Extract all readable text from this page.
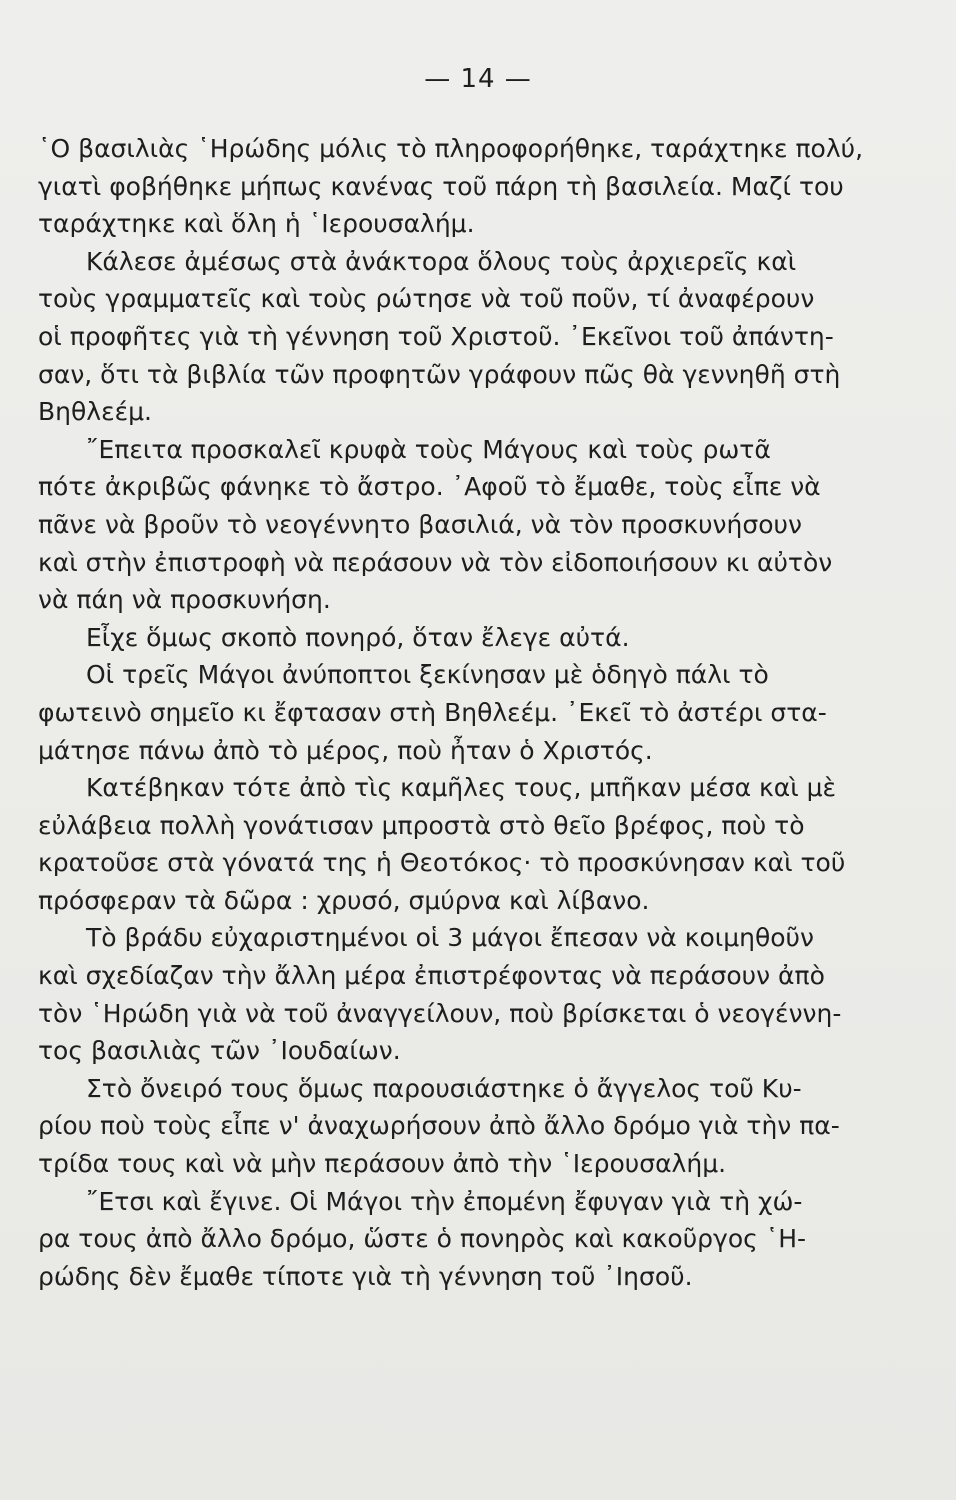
— 14 —
῾Ο βασιλιὰς ῾Ηρώδης μόλις τὸ πληροφορήθηκε, ταράχτηκε πολύ,
γιατὶ φοβήθηκε μήπως κανένας τοῦ πάρη τὴ βασιλεία. Μαζί του
ταράχτηκε καὶ ὅλη ἡ ῾Ιερουσαλήμ.
Κάλεσε ἀμέσως στὰ ἀνάκτορα ὅλους τοὺς ἀρχιερεῖς καὶ
τοὺς γραμματεῖς καὶ τοὺς ρώτησε νὰ τοῦ ποῦν, τί ἀναφέρουν
οἱ προφῆτες γιὰ τὴ γέννηση τοῦ Χριστοῦ. ᾿Εκεῖνοι τοῦ ἀπάντη-
σαν, ὅτι τὰ βιβλία τῶν προφητῶν γράφουν πῶς θὰ γεννηθῆ στὴ
Βηθλεέμ.
῎Επειτα προσκαλεῖ κρυφὰ τοὺς Μάγους καὶ τοὺς ρωτᾶ
πότε ἀκριβῶς φάνηκε τὸ ἄστρο. ᾿Αφοῦ τὸ ἔμαθε, τοὺς εἶπε νὰ
πᾶνε νὰ βροῦν τὸ νεογέννητο βασιλιά, νὰ τὸν προσκυνήσουν
καὶ στὴν ἐπιστροφὴ νὰ περάσουν νὰ τὸν εἰδοποιήσουν κι αὐτὸν
νὰ πάη νὰ προσκυνήση.
Εἶχε ὅμως σκοπὸ πονηρό, ὅταν ἔλεγε αὐτά.
Οἱ τρεῖς Μάγοι ἀνύποπτοι ξεκίνησαν μὲ ὁδηγὸ πάλι τὸ
φωτεινὸ σημεῖο κι ἔφτασαν στὴ Βηθλεέμ. ᾿Εκεῖ τὸ ἀστέρι στα-
μάτησε πάνω ἀπὸ τὸ μέρος, ποὺ ἦταν ὁ Χριστός.
Κατέβηκαν τότε ἀπὸ τὶς καμῆλες τους, μπῆκαν μέσα καὶ μὲ
εὐλάβεια πολλὴ γονάτισαν μπροστὰ στὸ θεῖο βρέφος, ποὺ τὸ
κρατοῦσε στὰ γόνατά της ἡ Θεοτόκος· τὸ προσκύνησαν καὶ τοῦ
πρόσφεραν τὰ δῶρα : χρυσό, σμύρνα καὶ λίβανο.
Τὸ βράδυ εὐχαριστημένοι οἱ 3 μάγοι ἔπεσαν νὰ κοιμηθοῦν
καὶ σχεδίαζαν τὴν ἄλλη μέρα ἐπιστρέφοντας νὰ περάσουν ἀπὸ
τὸν ῾Ηρώδη γιὰ νὰ τοῦ ἀναγγείλουν, ποὺ βρίσκεται ὁ νεογέννη-
τος βασιλιὰς τῶν ᾿Ιουδαίων.
Στὸ ὄνειρό τους ὅμως παρουσιάστηκε ὁ ἄγγελος τοῦ Κυ-
ρίου ποὺ τοὺς εἶπε ν' ἀναχωρήσουν ἀπὸ ἄλλο δρόμο γιὰ τὴν πα-
τρίδα τους καὶ νὰ μὴν περάσουν ἀπὸ τὴν ῾Ιερουσαλήμ.
῎Ετσι καὶ ἔγινε. Οἱ Μάγοι τὴν ἐπομένη ἔφυγαν γιὰ τὴ χώ-
ρα τους ἀπὸ ἄλλο δρόμο, ὥστε ὁ πονηρὸς καὶ κακοῦργος ῾Η-
ρώδης δὲν ἔμαθε τίποτε γιὰ τὴ γέννηση τοῦ ᾿Ιησοῦ.
